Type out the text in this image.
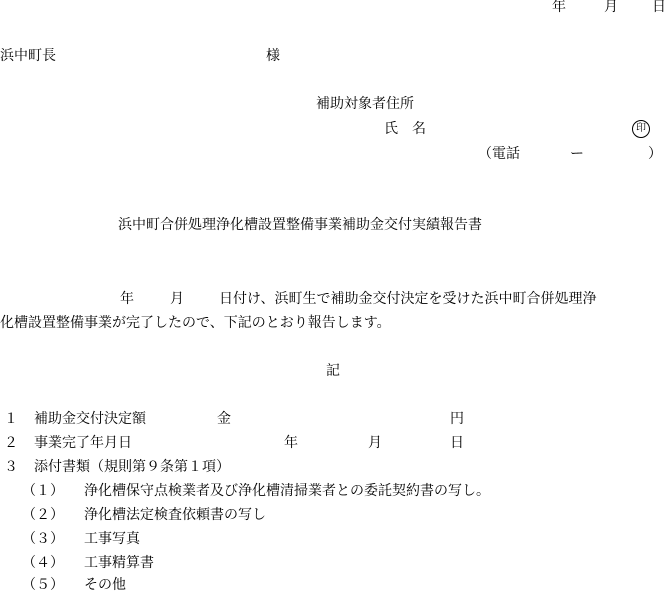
年	月 日
浜中町長	様
補助対象者住所
氏　名	印
（電話	ー	）
浜中町合併処理浄化槽設置整備事業補助金交付実績報告書
年	月	日付け、浜町生で補助金交付決定を受けた浜中町合併処理浄
化槽設置整備事業が完了したので、下記のとおり報告します。
記
１ 補助金交付決定額	金	円
２ 事業完了年月日	年	月	日
３ 添付書類（規則第９条第１項）
（１） 浄化槽保守点検業者及び浄化槽清掃業者との委託契約書の写し。
（２） 浄化槽法定検査依頼書の写し
（３） 工事写真
（４） 工事精算書
（５） その他
